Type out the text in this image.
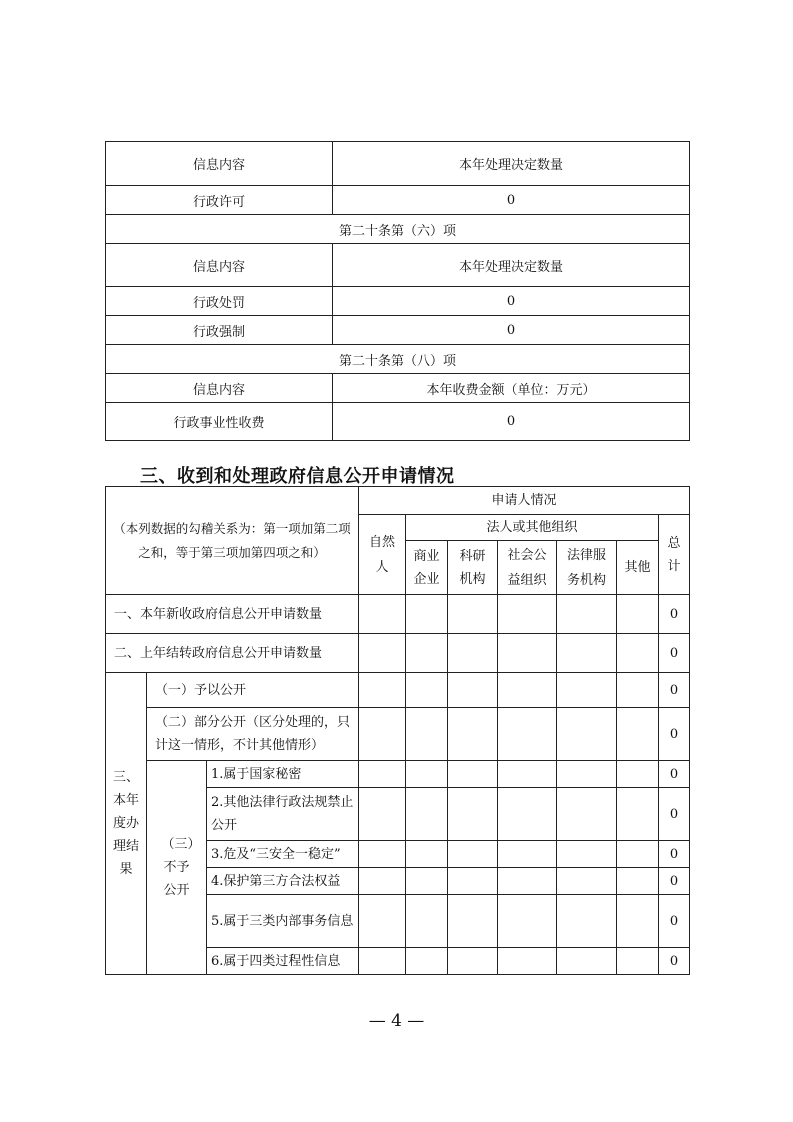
信息内容	本年处理决定数量
行政许可	0
第二十条第（六）项	
信息内容	本年处理决定数量
行政处罚	0
行政强制	0
第二十条第（八）项	
信息内容	本年收费金额（单位：万元）
行政事业性收费	0
三、收到和处理政府信息公开申请情况
（本列数据的勾稽关系为：第一项加第二项之和，等于第三项加第四项之和）			申请人情况						
			自然人	法人或其他组织					总计
				商业企业	科研机构	社会公益组织	法律服务机构	其他	
一、本年新收政府信息公开申请数量									0
二、上年结转政府信息公开申请数量									0
三、本年度办理结果	（一）予以公开								0
	（二）部分公开（区分处理的，只计这一情形，不计其他情形）								0
	（三）不予公开	1.属于国家秘密							0
		2.其他法律行政法规禁止公开							0
		3.危及“三安全一稳定”							0
		4.保护第三方合法权益							0
		5.属于三类内部事务信息							0
		6.属于四类过程性信息							0
— 4 —
